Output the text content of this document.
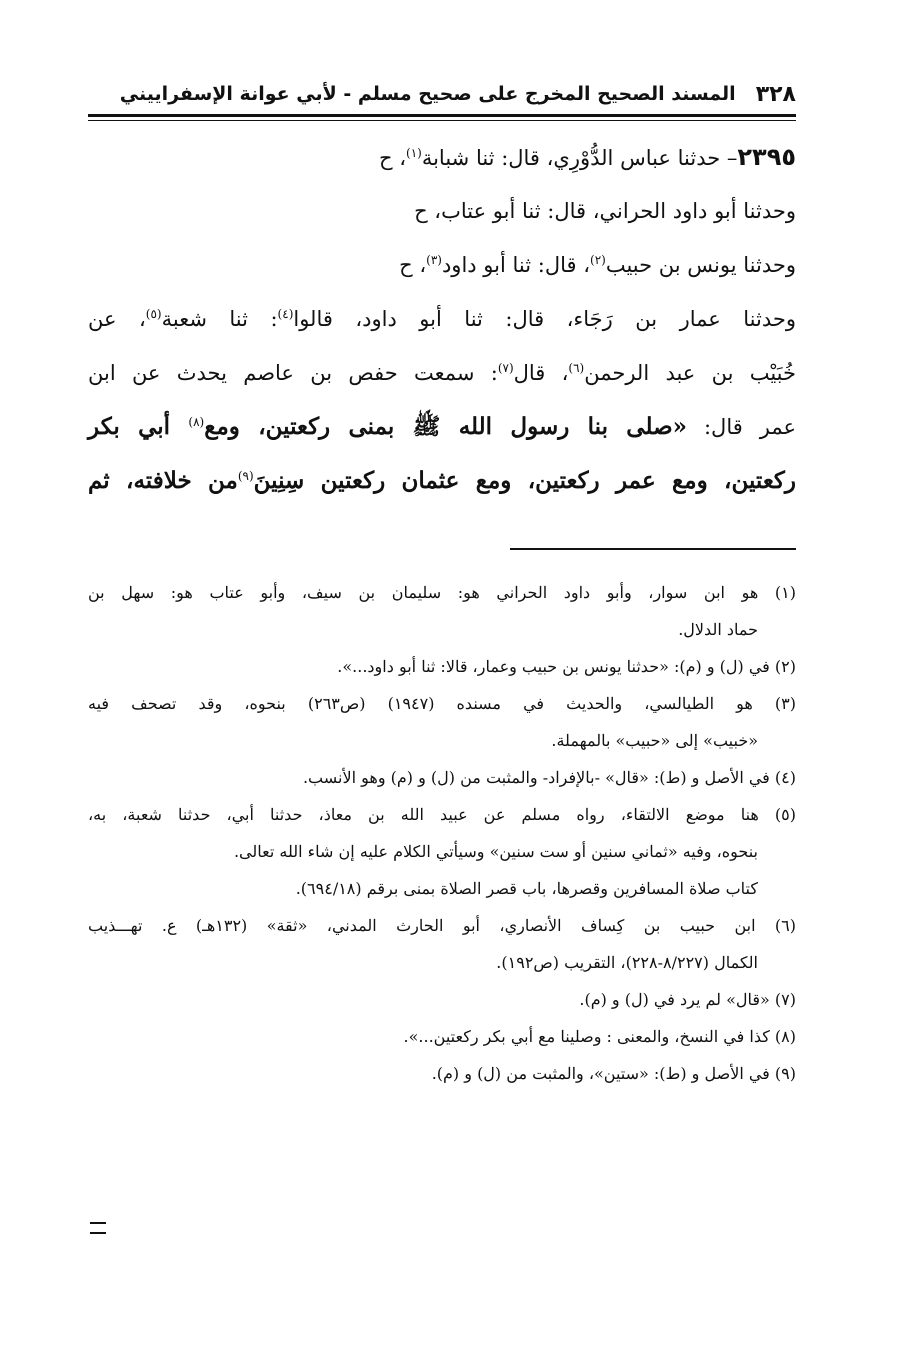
٣٢٨
المسند الصحيح المخرج على صحيح مسلم - لأبي عوانة الإسفراييني
٢٣٩٥– حدثنا عباس الدُّوْرِي، قال: ثنا شبابة$^{(١)}$، ح
وحدثنا أبو داود الحراني، قال: ثنا أبو عتاب، ح
وحدثنا يونس بن حبيب$^{(٢)}$، قال: ثنا أبو داود$^{(٣)}$، ح
وحدثنا عمار بن رَجَاء، قال: ثنا أبو داود، قالوا$^{(٤)}$: ثنا شعبة$^{(٥)}$، عن
خُبَيْب بن عبد الرحمن$^{(٦)}$، قال$^{(٧)}$: سمعت حفص بن عاصم يحدث عن ابن
عمر قال: «صلى بنا رسول الله ﷺ بمنى ركعتين، ومع$^{(٨)}$ أبي بكر
ركعتين، ومع عمر ركعتين، ومع عثمان ركعتين سِنِينَ$^{(٩)}$من خلافته، ثم
(١) هو ابن سوار، وأبو داود الحراني هو: سليمان بن سيف، وأبو عتاب هو: سهل بن
حماد الدلال.
(٢) في (ل) و (م): «حدثنا يونس بن حبيب وعمار، قالا: ثنا أبو داود...».
(٣) هو الطيالسي، والحديث في مسنده (١٩٤٧) (ص٢٦٣) بنحوه، وقد تصحف فيه
«خبيب» إلى «حبيب» بالمهملة.
(٤) في الأصل و (ط): «قال» -بالإفراد- والمثبت من (ل) و (م) وهو الأنسب.
(٥) هنا موضع الالتقاء، رواه مسلم عن عبيد الله بن معاذ، حدثنا أبي، حدثنا شعبة، به،
بنحوه، وفيه «ثماني سنين أو ست سنين» وسيأتي الكلام عليه إن شاء الله تعالى.
كتاب صلاة المسافرين وقصرها، باب قصر الصلاة بمنى برقم (٦٩٤/١٨).
(٦) ابن حبيب بن كِساف الأنصاري، أبو الحارث المدني، «ثقة» (١٣٢هـ) ع. تهـــذيب
الكمال (٨/٢٢٧-٢٢٨)، التقريب (ص١٩٢).
(٧) «قال» لم يرد في (ل) و (م).
(٨) كذا في النسخ، والمعنى : وصلينا مع أبي بكر ركعتين...».
(٩) في الأصل و (ط): «ستين»، والمثبت من (ل) و (م).
